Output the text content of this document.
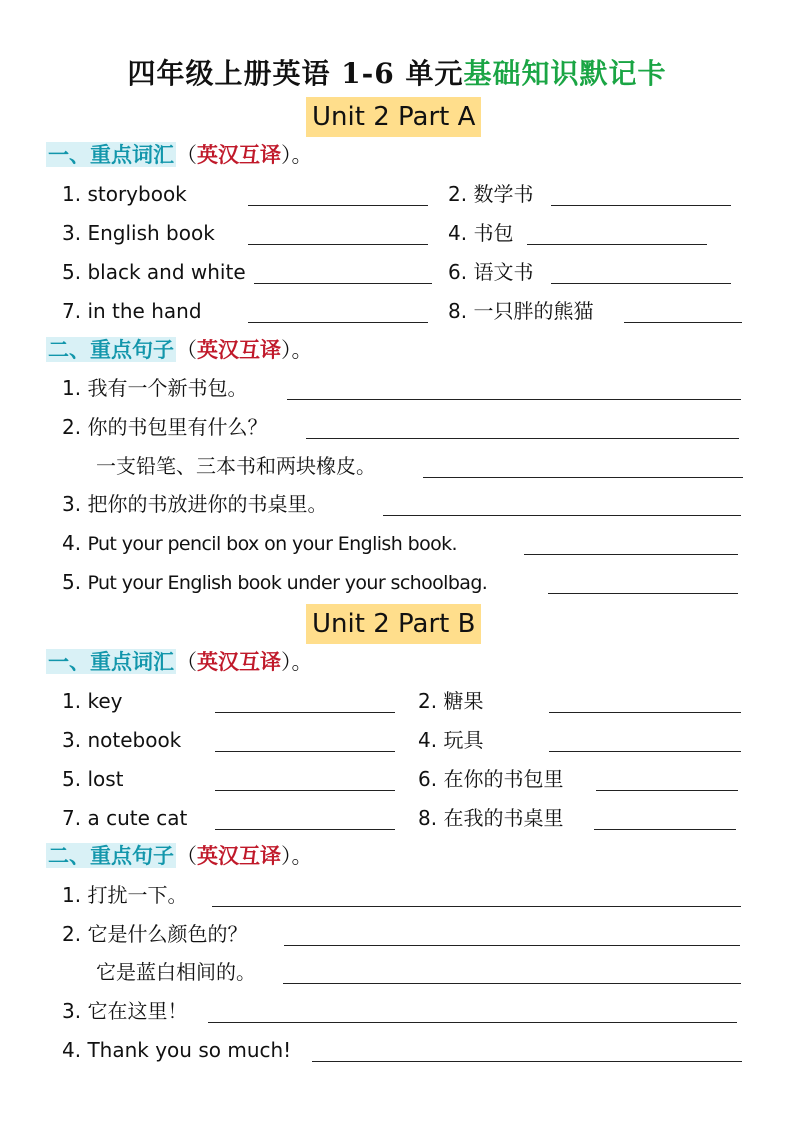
四年级上册英语 1-6 单元基础知识默记卡
Unit 2 Part A
一、重点词汇（英汉互译）。
1. storybook	2. 数学书
3. English book	4. 书包
5. black and white	6. 语文书
7. in the hand	8. 一只胖的熊猫
二、重点句子（英汉互译）。
1. 我有一个新书包。
2. 你的书包里有什么？
一支铅笔、三本书和两块橡皮。
3. 把你的书放进你的书桌里。
4. Put your pencil box on your English book.
5. Put your English book under your schoolbag.
Unit 2 Part B
一、重点词汇（英汉互译）。
1. key	2. 糖果
3. notebook	4. 玩具
5. lost	6. 在你的书包里
7. a cute cat	8. 在我的书桌里
二、重点句子（英汉互译）。
1. 打扰一下。
2. 它是什么颜色的？
它是蓝白相间的。
3. 它在这里！
4. Thank you so much!
